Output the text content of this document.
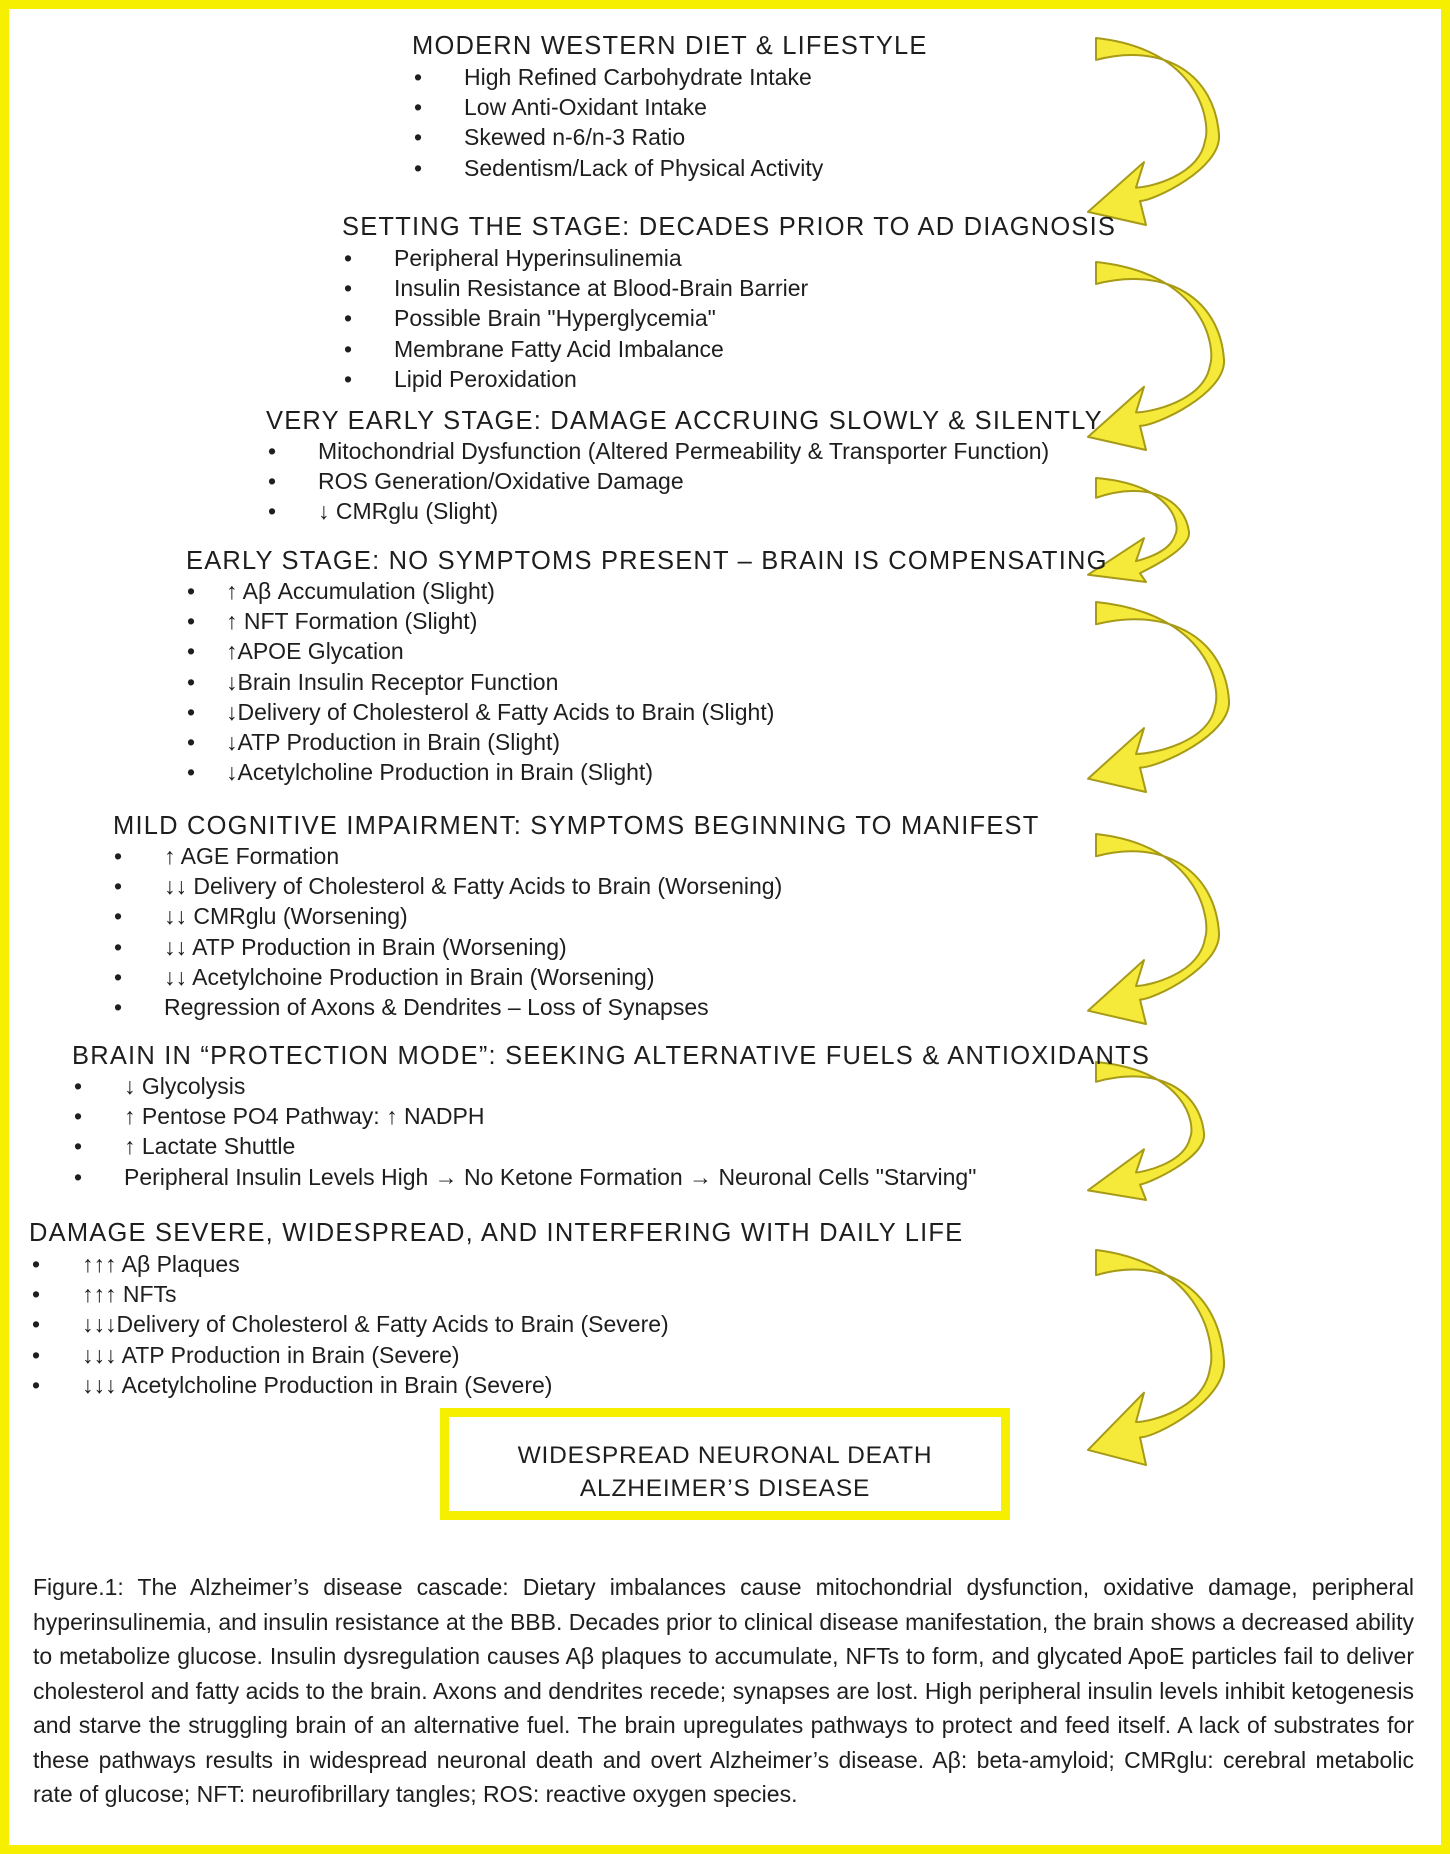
MODERN WESTERN DIET & LIFESTYLE
• High Refined Carbohydrate Intake
• Low Anti-Oxidant Intake
• Skewed n-6/n-3 Ratio
• Sedentism/Lack of Physical Activity
SETTING THE STAGE: DECADES PRIOR TO AD DIAGNOSIS
• Peripheral Hyperinsulinemia
• Insulin Resistance at Blood-Brain Barrier
• Possible Brain "Hyperglycemia"
• Membrane Fatty Acid Imbalance
• Lipid Peroxidation
VERY EARLY STAGE: DAMAGE ACCRUING SLOWLY & SILENTLY
• Mitochondrial Dysfunction (Altered Permeability & Transporter Function)
• ROS Generation/Oxidative Damage
• ↓ CMRglu (Slight)
EARLY STAGE: NO SYMPTOMS PRESENT – BRAIN IS COMPENSATING
• ↑ Aβ Accumulation (Slight)
• ↑ NFT Formation (Slight)
• ↑APOE Glycation
• ↓Brain Insulin Receptor Function
• ↓Delivery of Cholesterol & Fatty Acids to Brain (Slight)
• ↓ATP Production in Brain (Slight)
• ↓Acetylcholine Production in Brain (Slight)
MILD COGNITIVE IMPAIRMENT: SYMPTOMS BEGINNING TO MANIFEST
• ↑ AGE Formation
• ↓↓ Delivery of Cholesterol & Fatty Acids to Brain (Worsening)
• ↓↓ CMRglu (Worsening)
• ↓↓ ATP Production in Brain (Worsening)
• ↓↓ Acetylchoine Production in Brain (Worsening)
• Regression of Axons & Dendrites – Loss of Synapses
BRAIN IN “PROTECTION MODE”: SEEKING ALTERNATIVE FUELS & ANTIOXIDANTS
• ↓ Glycolysis
• ↑ Pentose PO4 Pathway: ↑ NADPH
• ↑ Lactate Shuttle
• Peripheral Insulin Levels High → No Ketone Formation → Neuronal Cells "Starving"
DAMAGE SEVERE, WIDESPREAD, AND INTERFERING WITH DAILY LIFE
• ↑↑↑ Aβ Plaques
• ↑↑↑ NFTs
• ↓↓↓Delivery of Cholesterol & Fatty Acids to Brain (Severe)
• ↓↓↓ ATP Production in Brain (Severe)
• ↓↓↓ Acetylcholine Production in Brain (Severe)
WIDESPREAD NEURONAL DEATH
ALZHEIMER’S DISEASE
Figure.1: The Alzheimer’s disease cascade: Dietary imbalances cause mitochondrial dysfunction, oxidative damage, peripheral hyperinsulinemia, and insulin resistance at the BBB. Decades prior to clinical disease manifestation, the brain shows a decreased ability to metabolize glucose. Insulin dysregulation causes Aβ plaques to accumulate, NFTs to form, and glycated ApoE particles fail to deliver cholesterol and fatty acids to the brain. Axons and dendrites recede; synapses are lost. High peripheral insulin levels inhibit ketogenesis and starve the struggling brain of an alternative fuel. The brain upregulates pathways to protect and feed itself. A lack of substrates for these pathways results in widespread neuronal death and overt Alzheimer’s disease. Aβ: beta-amyloid; CMRglu: cerebral metabolic rate of glucose; NFT: neurofibrillary tangles; ROS: reactive oxygen species.
